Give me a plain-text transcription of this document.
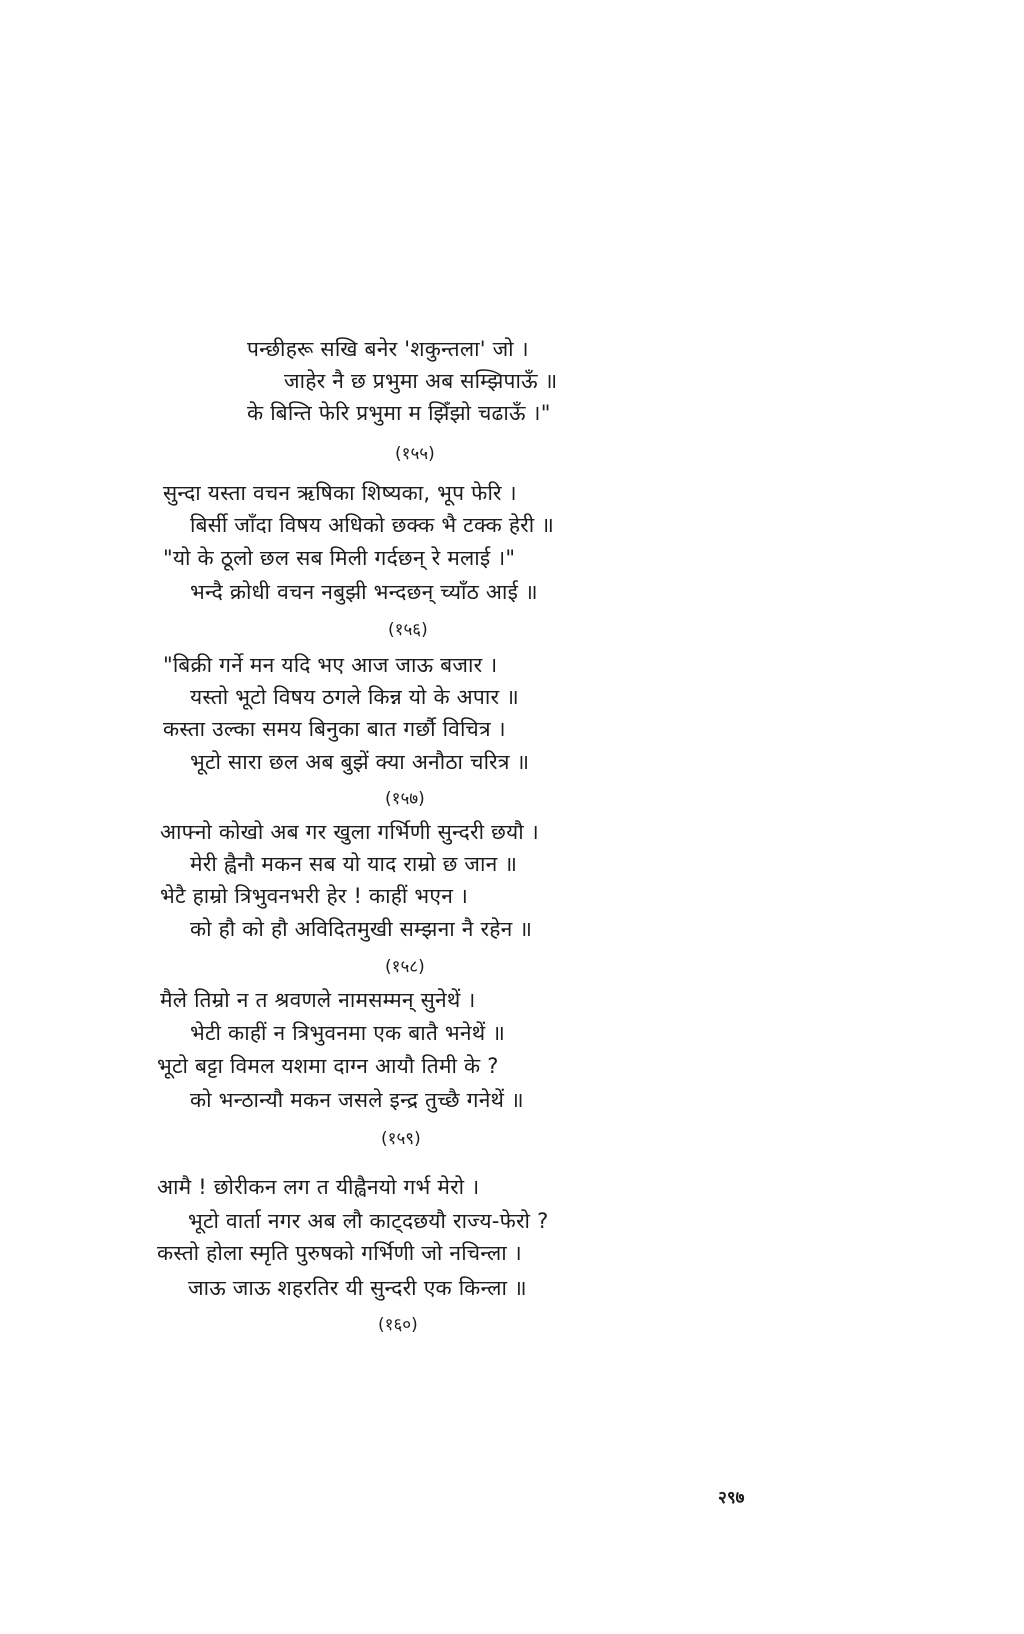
पन्छीहरू सखि बनेर 'शकुन्तला' जो ।
जाहेर नै छ प्रभुमा अब सम्झिपाऊँ ॥
के बिन्ति फेरि प्रभुमा म झिँझो चढाऊँ ।"
(१५५)
सुन्दा यस्ता वचन ऋषिका शिष्यका, भूप फेरि ।
बिर्सी जाँदा विषय अधिको छक्क भै टक्क हेरी ॥
"यो के ठूलो छल सब मिली गर्दछन् रे मलाई ।"
भन्दै क्रोधी वचन नबुझी भन्दछन् च्याँठ आई ॥
(१५६)
"बिक्री गर्ने मन यदि भए आज जाऊ बजार ।
यस्तो भूटो विषय ठगले किन्न यो के अपार ॥
कस्ता उल्का समय बिनुका बात गर्छौ विचित्र ।
भूटो सारा छल अब बुझें क्या अनौठा चरित्र ॥
(१५७)
आफ्नो कोखो अब गर खुला गर्भिणी सुन्दरी छयौ ।
मेरी ह्वैनौ मकन सब यो याद राम्रो छ जान ॥
भेटै हाम्रो त्रिभुवनभरी हेर ! काहीं भएन ।
को हौ को हौ अविदितमुखी सम्झना नै रहेन ॥
(१५८)
मैले तिम्रो न त श्रवणले नामसम्मन् सुनेथें ।
भेटी काहीं न त्रिभुवनमा एक बातै भनेथें ॥
भूटो बट्टा विमल यशमा दाग्न आयौ तिमी के ?
को भन्ठान्यौ मकन जसले इन्द्र तुच्छै गनेथें ॥
(१५९)
आमै ! छोरीकन लग त यीह्वैनयो गर्भ मेरो ।
भूटो वार्ता नगर अब लौ काट्दछयौ राज्य-फेरो ?
कस्तो होला स्मृति पुरुषको गर्भिणी जो नचिन्ला ।
जाऊ जाऊ शहरतिर यी सुन्दरी एक किन्ला ॥
(१६०)
२९७
